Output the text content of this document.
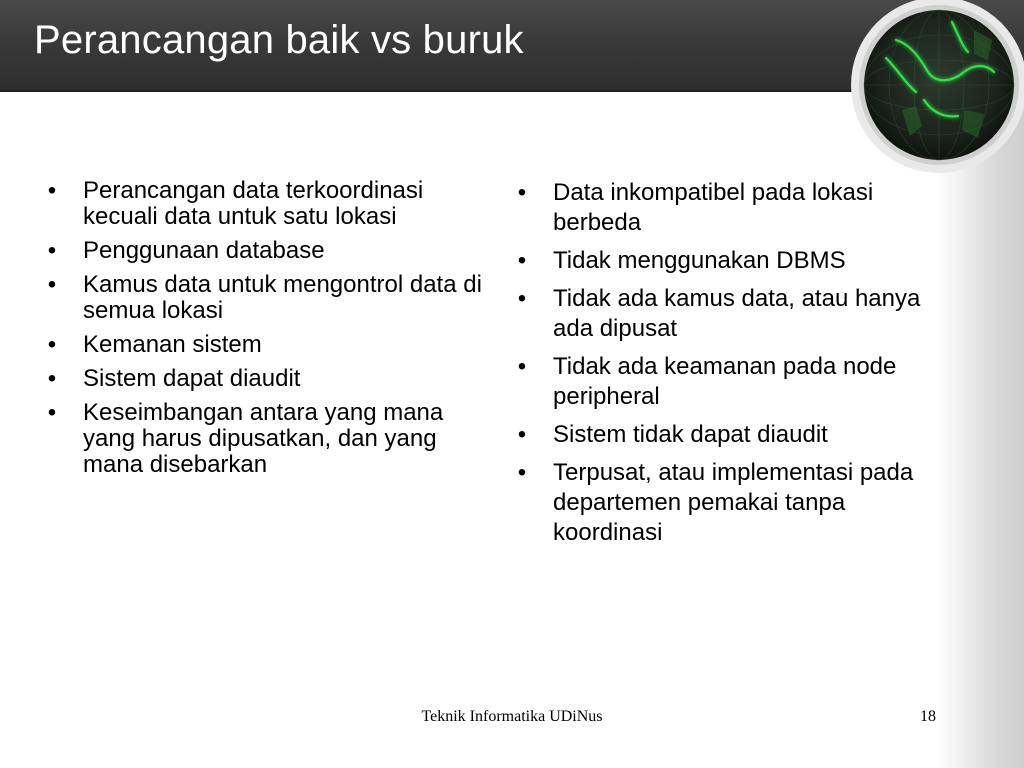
Perancangan baik vs buruk
• Perancangan data terkoordinasi kecuali data untuk satu lokasi
• Penggunaan database
• Kamus data untuk mengontrol data di semua lokasi
• Kemanan sistem
• Sistem dapat diaudit
• Keseimbangan antara yang mana yang harus dipusatkan, dan yang mana disebarkan
• Data inkompatibel pada lokasi berbeda
• Tidak menggunakan DBMS
• Tidak ada kamus data, atau hanya ada dipusat
• Tidak ada keamanan pada node peripheral
• Sistem tidak dapat diaudit
• Terpusat, atau implementasi pada departemen pemakai tanpa koordinasi
Teknik Informatika UDiNus	18
